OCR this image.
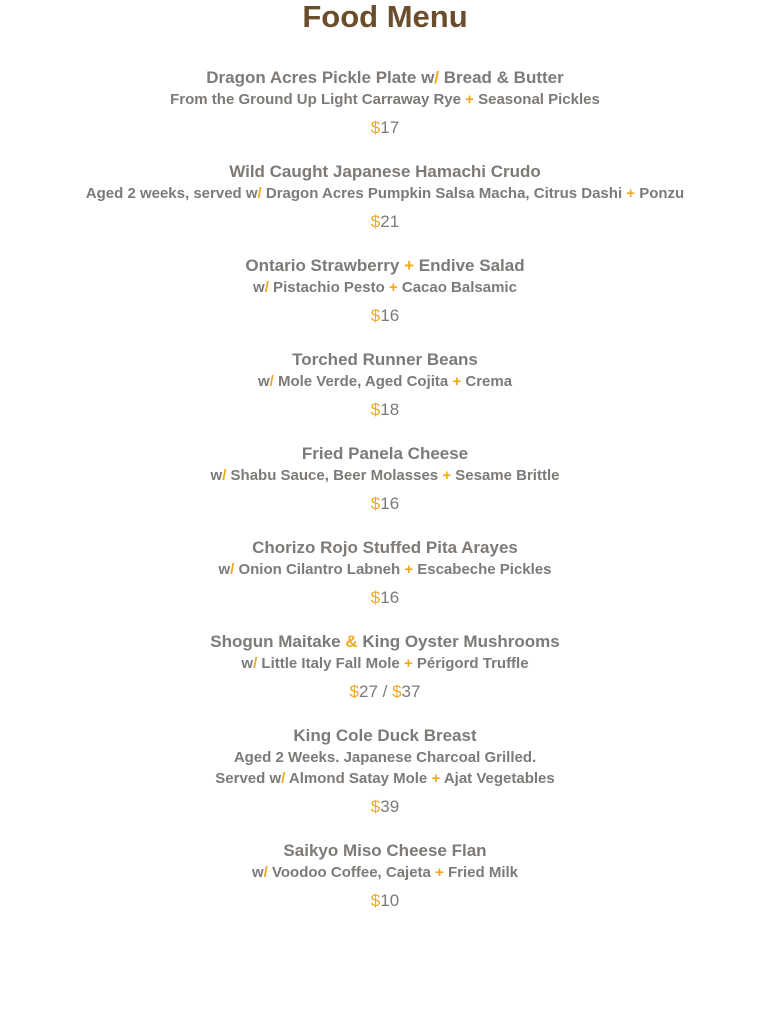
Food Menu
Dragon Acres Pickle Plate w/ Bread & Butter
From the Ground Up Light Carraway Rye + Seasonal Pickles
$17
Wild Caught Japanese Hamachi Crudo
Aged 2 weeks, served w/ Dragon Acres Pumpkin Salsa Macha, Citrus Dashi + Ponzu
$21
Ontario Strawberry + Endive Salad
w/ Pistachio Pesto + Cacao Balsamic
$16
Torched Runner Beans
w/ Mole Verde, Aged Cojita + Crema
$18
Fried Panela Cheese
w/ Shabu Sauce, Beer Molasses + Sesame Brittle
$16
Chorizo Rojo Stuffed Pita Arayes
w/ Onion Cilantro Labneh + Escabeche Pickles
$16
Shogun Maitake & King Oyster Mushrooms
w/ Little Italy Fall Mole + Périgord Truffle
$27 / $37
King Cole Duck Breast
Aged 2 Weeks. Japanese Charcoal Grilled.
Served w/ Almond Satay Mole + Ajat Vegetables
$39
Saikyo Miso Cheese Flan
w/ Voodoo Coffee, Cajeta + Fried Milk
$10
